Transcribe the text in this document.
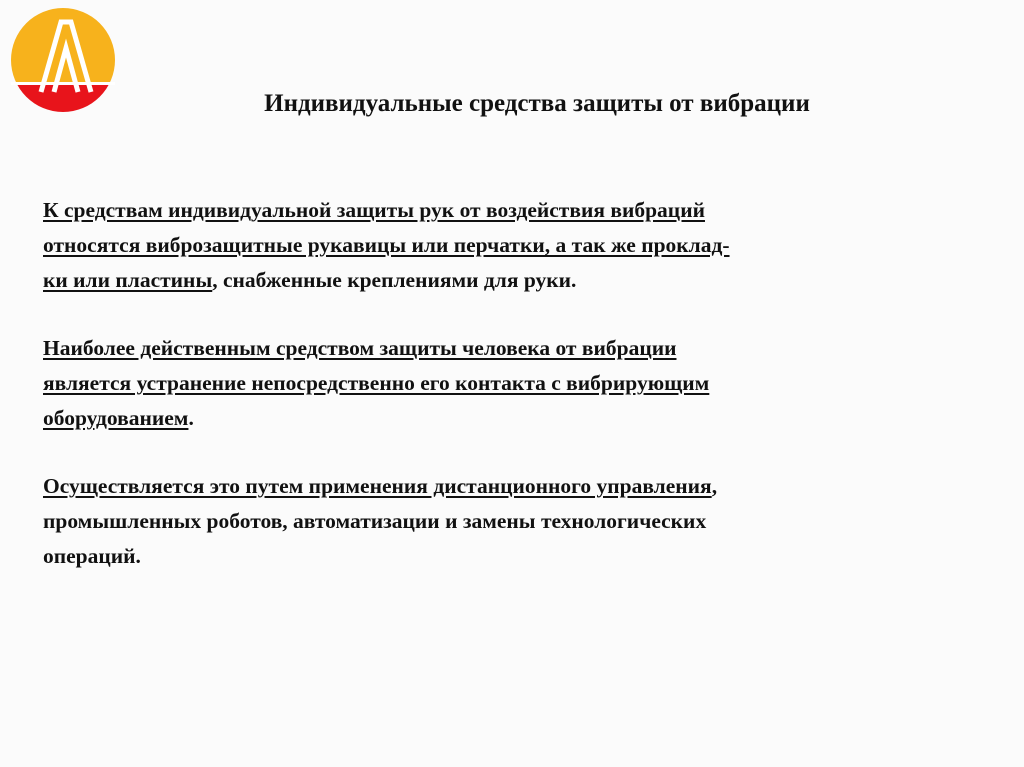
Индивидуальные средства защиты от вибрации
К средствам индивидуальной защиты рук от воздействия вибраций
относятся виброзащитные рукавицы или перчатки, а так же проклад-
ки или пластины, снабженные креплениями для руки.
Наиболее действенным средством защиты человека от вибрации
является устранение непосредственно его контакта с вибрирующим
оборудованием.
Осуществляется это путем применения дистанционного управления,
промышленных роботов, автоматизации и замены технологических
операций.
